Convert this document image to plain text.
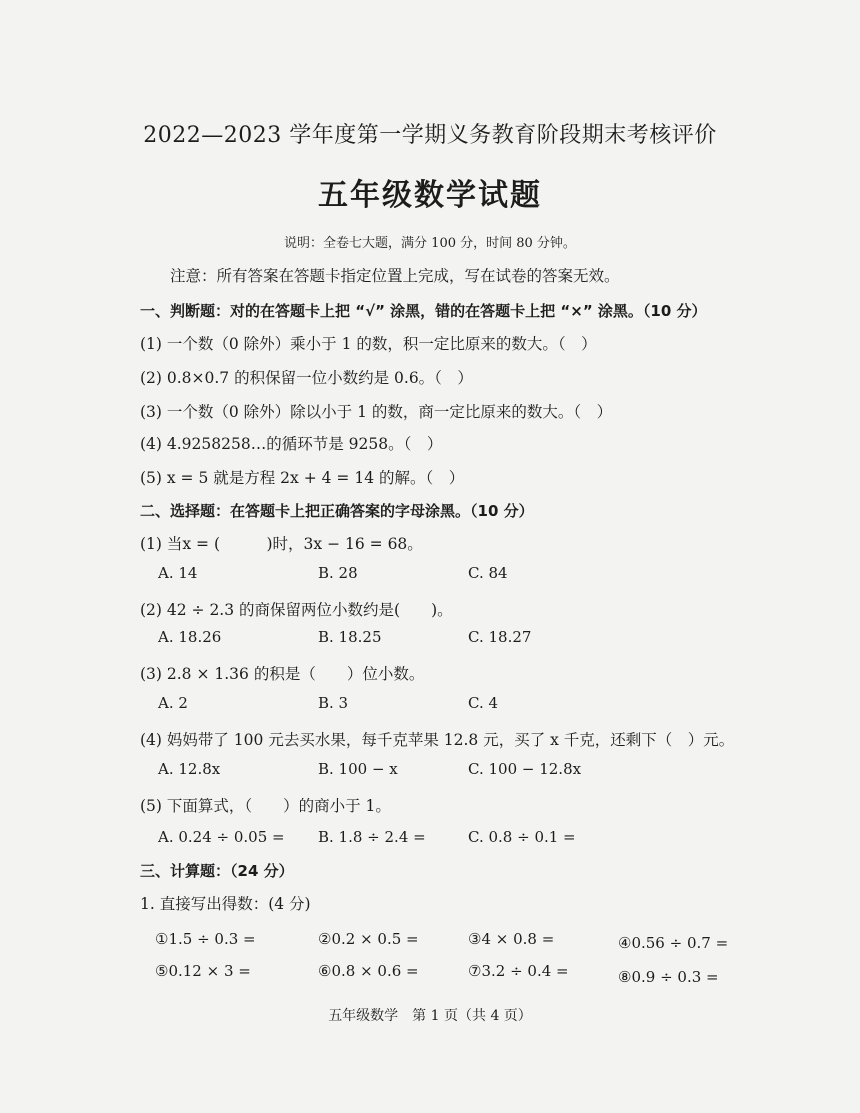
2022—2023 学年度第一学期义务教育阶段期末考核评价
五年级数学试题
说明：全卷七大题，满分 100 分，时间 80 分钟。
注意：所有答案在答题卡指定位置上完成，写在试卷的答案无效。
一、判断题：对的在答题卡上把 “√” 涂黑，错的在答题卡上把 “×” 涂黑。（10 分）
(1) 一个数（0 除外）乘小于 1 的数，积一定比原来的数大。（　）
(2) 0.8×0.7 的积保留一位小数约是 0.6。（　）
(3) 一个数（0 除外）除以小于 1 的数，商一定比原来的数大。（　）
(4) 4.9258258…的循环节是 9258。（　）
(5) x = 5 就是方程 2x + 4 = 14 的解。（　）
二、选择题：在答题卡上把正确答案的字母涂黑。（10 分）
(1) 当x = (　　　)时，3x − 16 = 68。
A. 14	B. 28	C. 84
(2) 42 ÷ 2.3 的商保留两位小数约是(　　)。
A. 18.26	B. 18.25	C. 18.27
(3) 2.8 × 1.36 的积是（　　）位小数。
A. 2	B. 3	C. 4
(4) 妈妈带了 100 元去买水果，每千克苹果 12.8 元，买了 x 千克，还剩下（　）元。
A. 12.8x	B. 100 − x	C. 100 − 12.8x
(5) 下面算式，（　　）的商小于 1。
A. 0.24 ÷ 0.05 = B. 1.8 ÷ 2.4 =	C. 0.8 ÷ 0.1 =
三、计算题：（24 分）
1. 直接写出得数：(4 分)
①1.5 ÷ 0.3 =	②0.2 × 0.5 =	③4 × 0.8 =	④0.56 ÷ 0.7 =
⑤0.12 × 3 =	⑥0.8 × 0.6 =	⑦3.2 ÷ 0.4 =	⑧0.9 ÷ 0.3 =
五年级数学　第 1 页（共 4 页）
